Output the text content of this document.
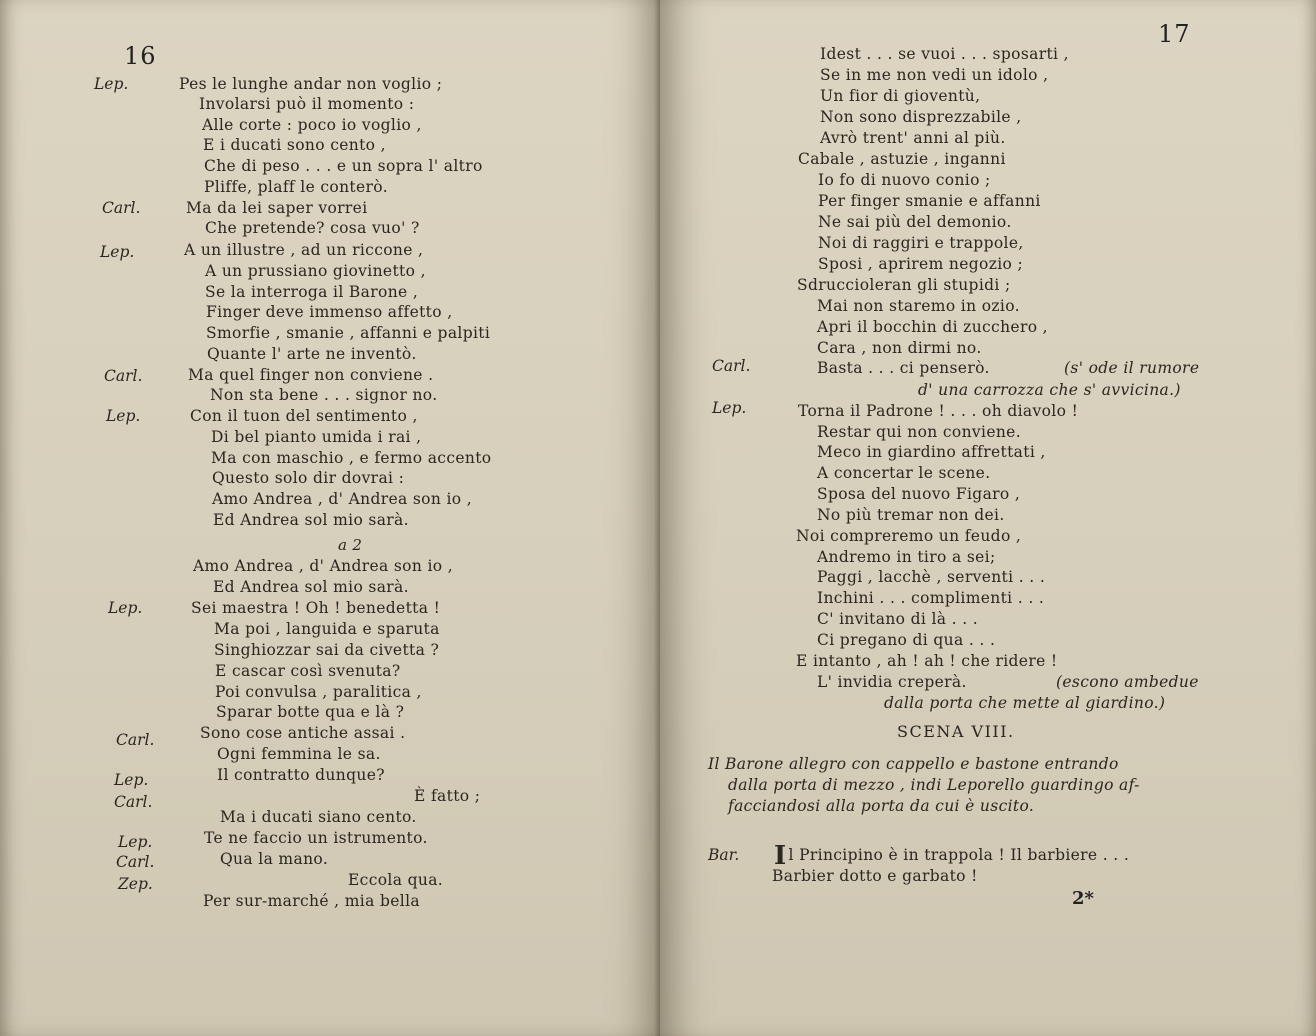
16
Lep.
Carl.
Lep.
Carl.
Lep.
Lep.
Carl.
Lep.
Carl.
Lep.
Carl.
Zep.
Pes le lunghe andar non voglio ;
Involarsi può il momento :
Alle corte : poco io voglio ,
E i ducati sono cento ,
Che di peso . . . e un sopra l' altro
Pliffe, plaff le conterò.
Ma da lei saper vorrei
Che pretende? cosa vuo' ?
A un illustre , ad un riccone ,
A un prussiano giovinetto ,
Se la interroga il Barone ,
Finger deve immenso affetto ,
Smorfie , smanie , affanni e palpiti
Quante l' arte ne inventò.
Ma quel finger non conviene .
Non sta bene . . . signor no.
Con il tuon del sentimento ,
Di bel pianto umida i rai ,
Ma con maschio , e fermo accento
Questo solo dir dovrai :
Amo Andrea , d' Andrea son io ,
Ed Andrea sol mio sarà.
a 2
Amo Andrea , d' Andrea son io ,
Ed Andrea sol mio sarà.
Sei maestra ! Oh ! benedetta !
Ma poi , languida e sparuta
Singhiozzar sai da civetta ?
E cascar così svenuta?
Poi convulsa , paralitica ,
Sparar botte qua e là ?
Sono cose antiche assai .
Ogni femmina le sa.
Il contratto dunque?
È fatto ;
Ma i ducati siano cento.
Te ne faccio un istrumento.
Qua la mano.
Eccola qua.
Per sur-marché , mia bella
17
Carl.
Lep.
Bar.
Idest . . . se vuoi . . . sposarti ,
Se in me non vedi un idolo ,
Un fior di gioventù,
Non sono disprezzabile ,
Avrò trent' anni al più.
Cabale , astuzie , inganni
Io fo di nuovo conio ;
Per finger smanie e affanni
Ne sai più del demonio.
Noi di raggiri e trappole,
Sposi , aprirem negozio ;
Sdruccioleran gli stupidi ;
Mai non staremo in ozio.
Apri il bocchin di zucchero ,
Cara , non dirmi no.
Basta . . . ci penserò.	(s' ode il rumore
d' una carrozza che s' avvicina.)
Torna il Padrone ! . . . oh diavolo !
Restar qui non conviene.
Meco in giardino affrettati ,
A concertar le scene.
Sposa del nuovo Figaro ,
No più tremar non dei.
Noi compreremo un feudo ,
Andremo in tiro a sei;
Paggi , lacchè , serventi . . .
Inchini . . . complimenti . . .
C' invitano di là . . .
Ci pregano di qua . . .
E intanto , ah ! ah ! che ridere !
L' invidia creperà.	(escono ambedue
dalla porta che mette al giardino.)
SCENA VIII.
Il Barone allegro con cappello e bastone entrando
dalla porta di mezzo , indi Leporello guardingo af-
facciandosi alla porta da cui è uscito.
Il Principino è in trappola ! Il barbiere . . .
Barbier dotto e garbato !
2*
